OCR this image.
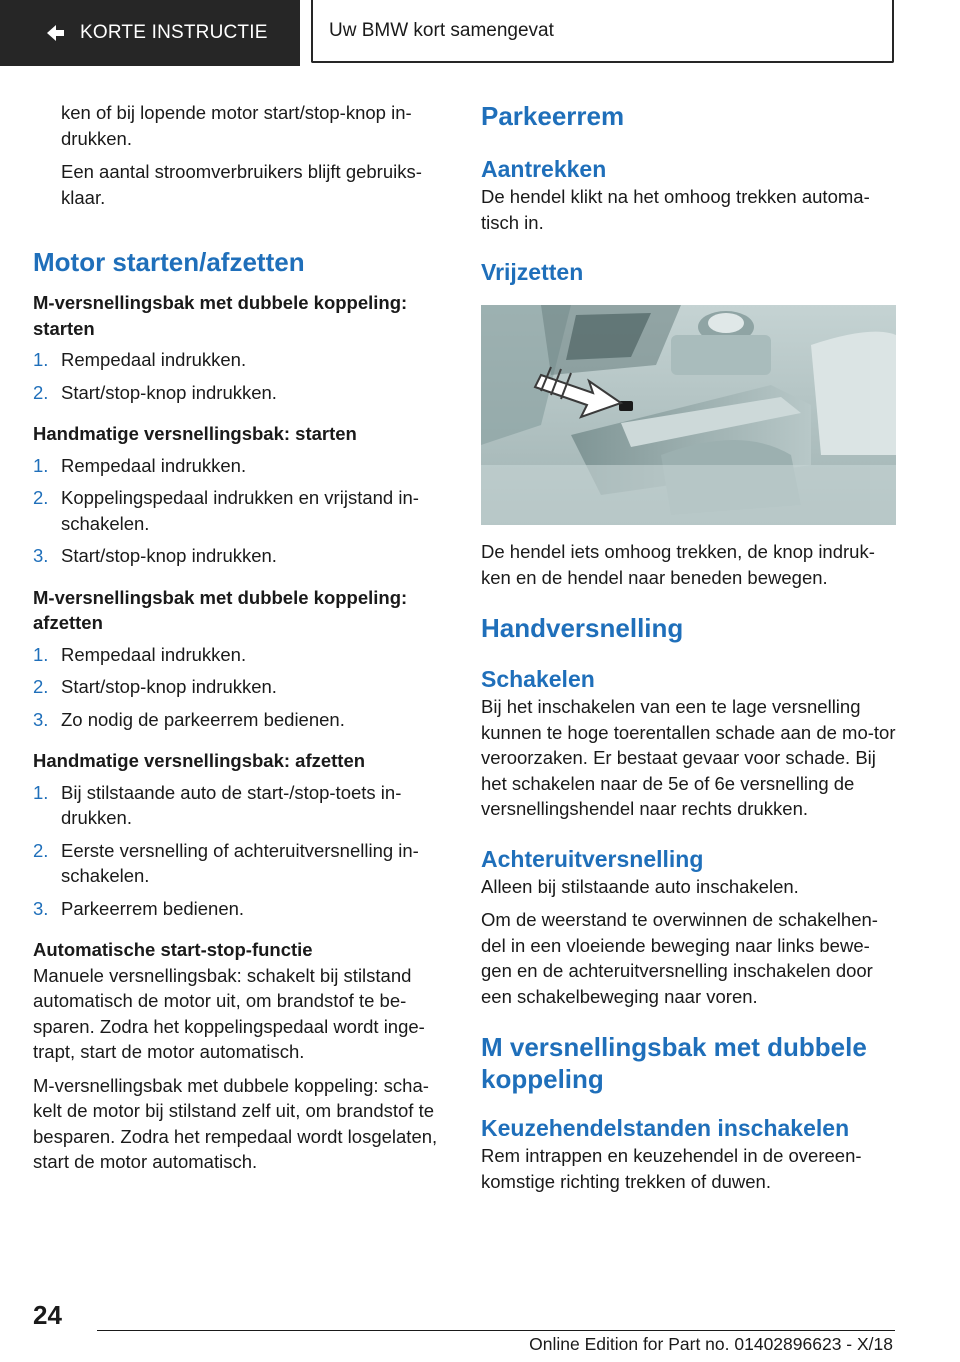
KORTE INSTRUCTIE	Uw BMW kort samengevat

ken of bij lopende motor start/stop-knop in-drukken.

Een aantal stroomverbruikers blijft gebruiks-klaar.

Motor starten/afzetten
M-versnellingsbak met dubbele koppeling: starten
1. Rempedaal indrukken.
2. Start/stop-knop indrukken.
Handmatige versnellingsbak: starten
1. Rempedaal indrukken.
2. Koppelingspedaal indrukken en vrijstand in-schakelen.
3. Start/stop-knop indrukken.
M-versnellingsbak met dubbele koppeling: afzetten
1. Rempedaal indrukken.
2. Start/stop-knop indrukken.
3. Zo nodig de parkeerrem bedienen.
Handmatige versnellingsbak: afzetten
1. Bij stilstaande auto de start-/stop-toets in-drukken.
2. Eerste versnelling of achteruitversnelling in-schakelen.
3. Parkeerrem bedienen.
Automatische start-stop-functie

Manuele versnellingsbak: schakelt bij stilstand automatisch de motor uit, om brandstof te be-sparen. Zodra het koppelingspedaal wordt inge-trapt, start de motor automatisch.

M-versnellingsbak met dubbele koppeling: scha-kelt de motor bij stilstand zelf uit, om brandstof te besparen. Zodra het rempedaal wordt losgelaten, start de motor automatisch.

Parkeerrem
Aantrekken

De hendel klikt na het omhoog trekken automa-tisch in.

Vrijzetten

De hendel iets omhoog trekken, de knop indruk-ken en de hendel naar beneden bewegen.

Handversnelling
Schakelen

Bij het inschakelen van een te lage versnelling kunnen te hoge toerentallen schade aan de mo-tor veroorzaken. Er bestaat gevaar voor schade. Bij het schakelen naar de 5e of 6e versnelling de versnellingshendel naar rechts drukken.

Achteruitversnelling

Alleen bij stilstaande auto inschakelen.

Om de weerstand te overwinnen de schakelhen-del in een vloeiende beweging naar links bewe-gen en de achteruitversnelling inschakelen door een schakelbeweging naar voren.

M versnellingsbak met dubbele koppeling
Keuzehendelstanden inschakelen

Rem intrappen en keuzehendel in de overeen-komstige richting trekken of duwen.

24
Online Edition for Part no. 01402896623 - X/18
